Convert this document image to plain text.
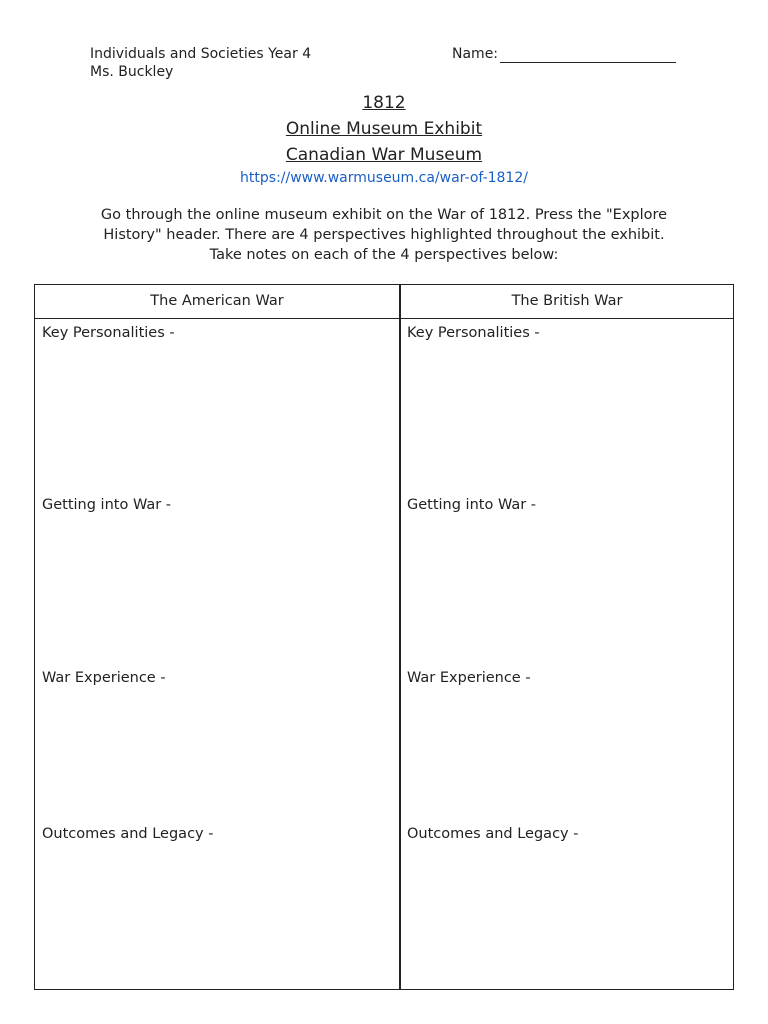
Individuals and Societies Year 4
Ms. Buckley
Name:
1812
Online Museum Exhibit
Canadian War Museum
https://www.warmuseum.ca/war-of-1812/
Go through the online museum exhibit on the War of 1812. Press the "Explore History" header. There are 4 perspectives highlighted throughout the exhibit. Take notes on each of the 4 perspectives below:
The American War	The British War
Key Personalities -
Getting into War -
War Experience -
Outcomes and Legacy -
Key Personalities -
Getting into War -
War Experience -
Outcomes and Legacy -
